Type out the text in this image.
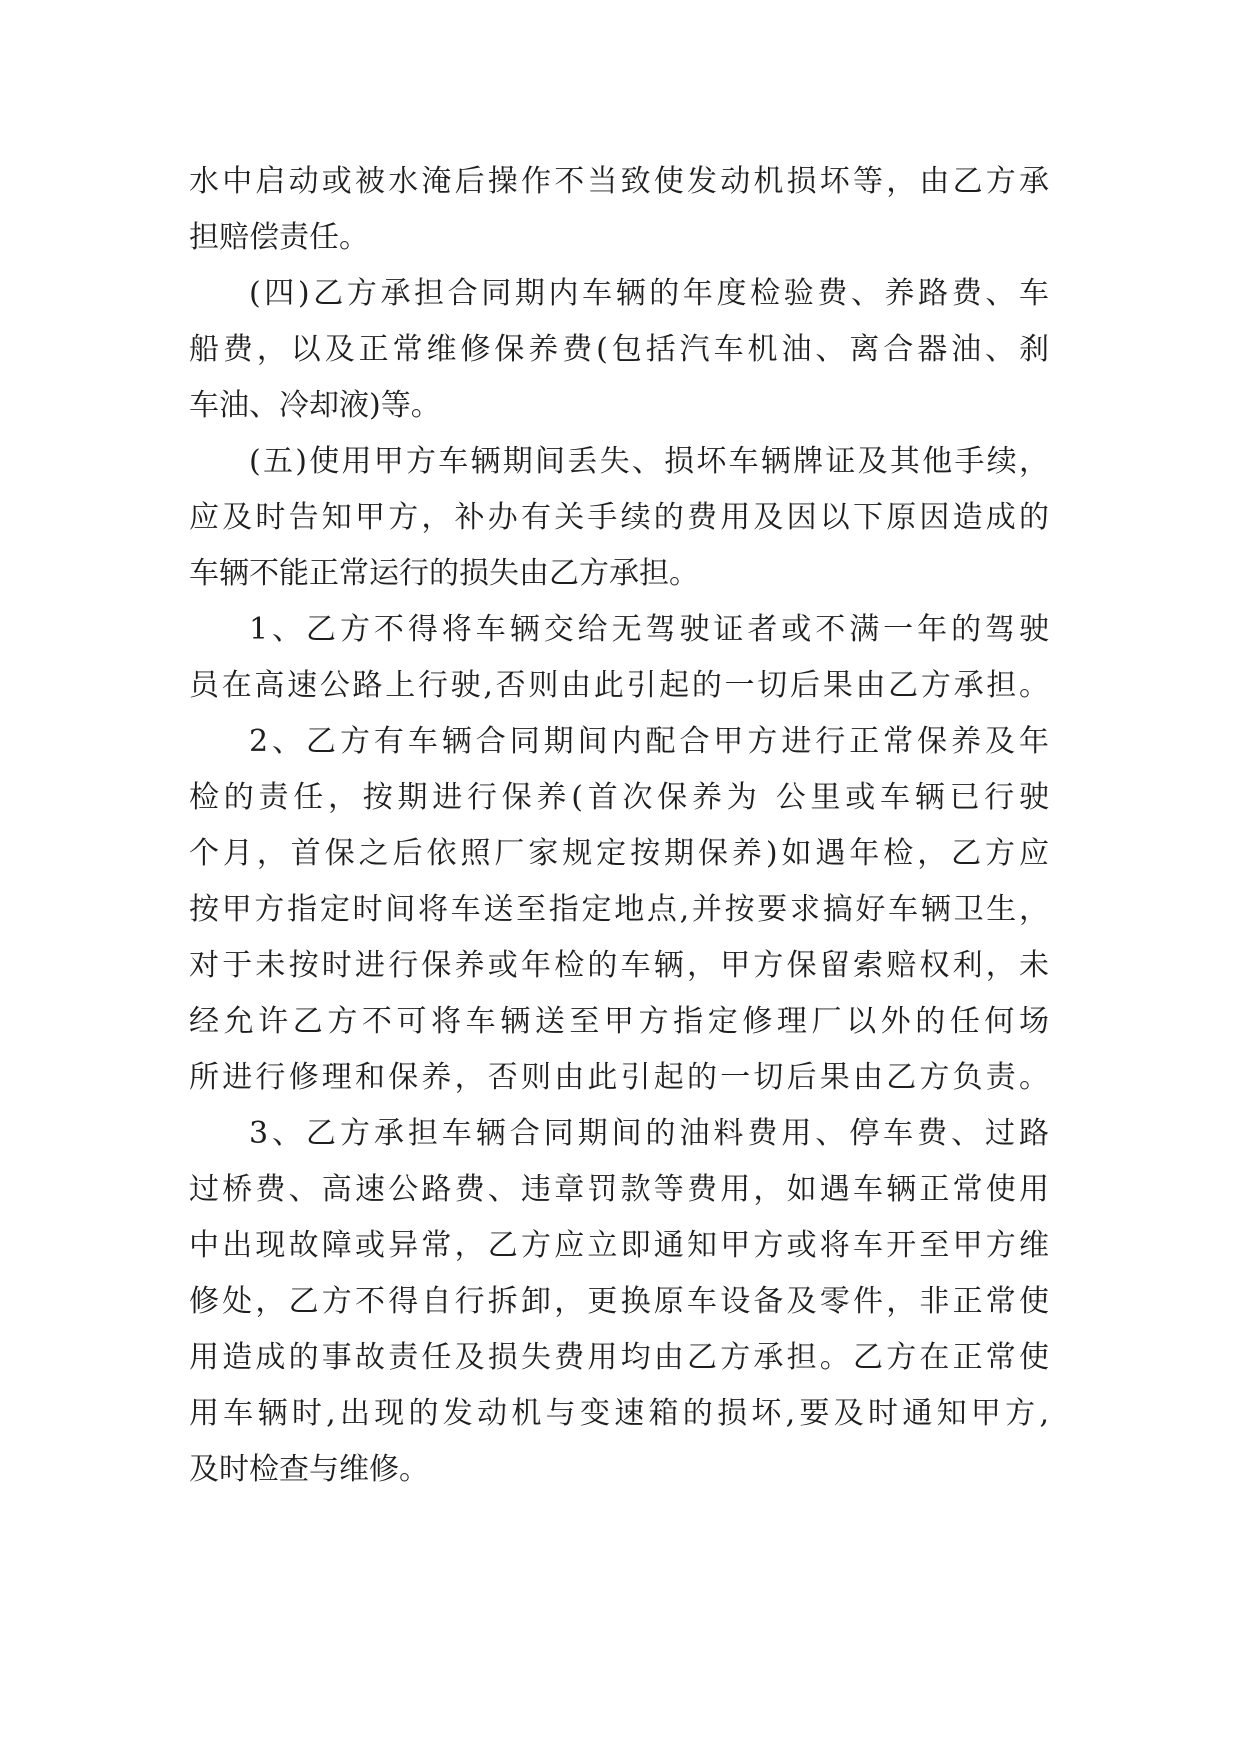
水中启动或被水淹后操作不当致使发动机损坏等，由乙方承
担赔偿责任。
(四)乙方承担合同期内车辆的年度检验费、养路费、车
船费，以及正常维修保养费(包括汽车机油、离合器油、刹
车油、冷却液)等。
(五)使用甲方车辆期间丢失、损坏车辆牌证及其他手续，
应及时告知甲方，补办有关手续的费用及因以下原因造成的
车辆不能正常运行的损失由乙方承担。
1、乙方不得将车辆交给无驾驶证者或不满一年的驾驶
员在高速公路上行驶,否则由此引起的一切后果由乙方承担。
2、乙方有车辆合同期间内配合甲方进行正常保养及年
检的责任，按期进行保养(首次保养为 公里或车辆已行驶
个月，首保之后依照厂家规定按期保养)如遇年检，乙方应
按甲方指定时间将车送至指定地点,并按要求搞好车辆卫生，
对于未按时进行保养或年检的车辆，甲方保留索赔权利，未
经允许乙方不可将车辆送至甲方指定修理厂以外的任何场
所进行修理和保养，否则由此引起的一切后果由乙方负责。
3、乙方承担车辆合同期间的油料费用、停车费、过路
过桥费、高速公路费、违章罚款等费用，如遇车辆正常使用
中出现故障或异常，乙方应立即通知甲方或将车开至甲方维
修处，乙方不得自行拆卸，更换原车设备及零件，非正常使
用造成的事故责任及损失费用均由乙方承担。乙方在正常使
用车辆时,出现的发动机与变速箱的损坏,要及时通知甲方,
及时检查与维修。
